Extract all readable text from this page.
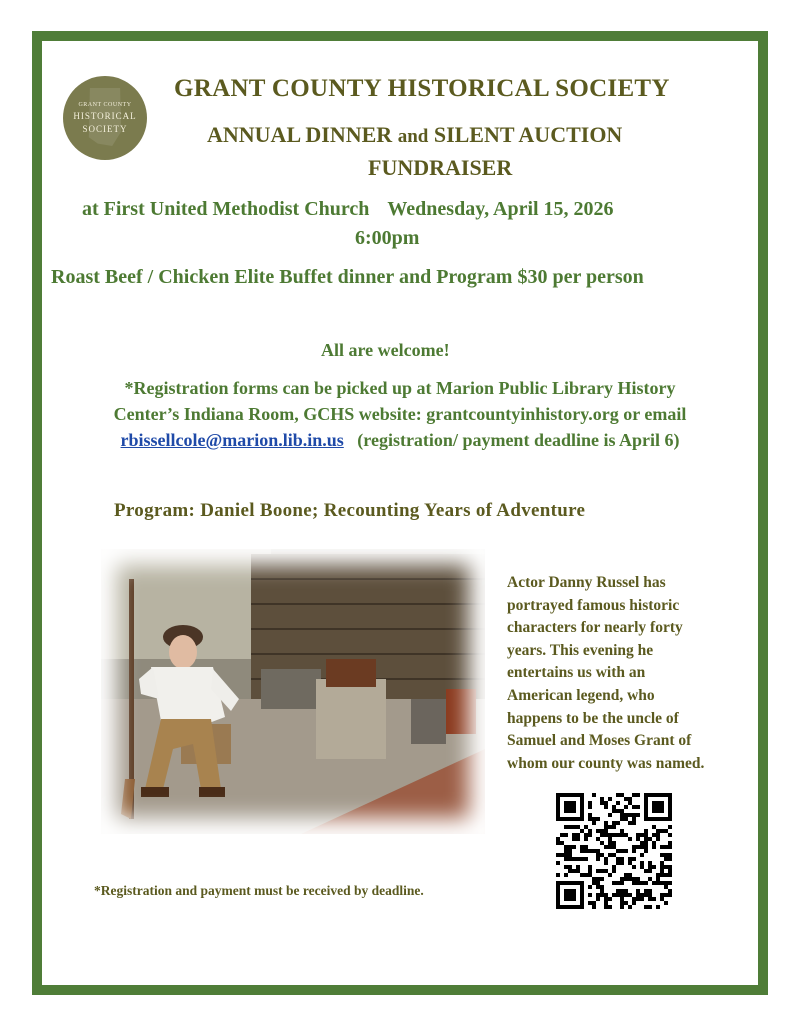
GRANT COUNTY
HISTORICAL
SOCIETY
GRANT COUNTY HISTORICAL SOCIETY
ANNUAL DINNER and SILENT AUCTION
FUNDRAISER
at First United Methodist Church Wednesday, April 15, 2026
6:00pm
Roast Beef / Chicken Elite Buffet dinner and Program $30 per person
All are welcome!
*Registration forms can be picked up at Marion Public Library History
Center’s Indiana Room, GCHS website: grantcountyinhistory.org or email
rbissellcole@marion.lib.in.us (registration/ payment deadline is April 6)
Program: Daniel Boone; Recounting Years of Adventure
Actor Danny Russel has
portrayed famous historic
characters for nearly forty
years. This evening he
entertains us with an
American legend, who
happens to be the uncle of
Samuel and Moses Grant of
whom our county was named.
*Registration and payment must be received by deadline.
